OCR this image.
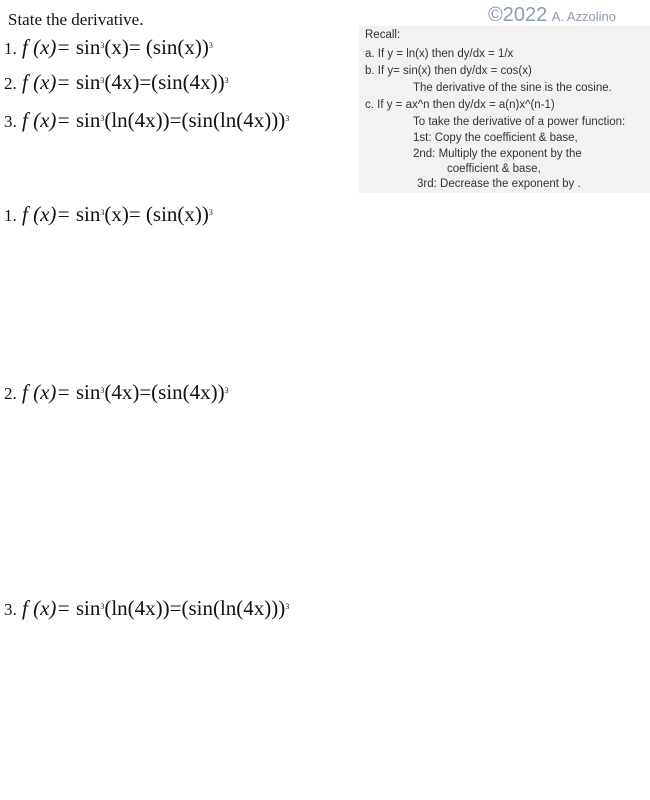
State the derivative.	©2022 A. Azzolino
1. f $(x)= \sin^3(x)= (\sin(x))^3$
2. f $(x)= \sin^3(4x)=(\sin(4x))^3$
3. f $(x)= \sin^3(\ln(4x))=(\sin(\ln(4x)))^3$
Recall:
a. If y = ln(x) then dy/dx = 1/x
b. If y= sin(x) then dy/dx = cos(x)
The derivative of the sine is the cosine.
c. If y = ax^n then dy/dx = a(n)x^(n-1)
To take the derivative of a power function:
1st: Copy the coefficient & base,
2nd: Multiply the exponent by the
coefficient & base,
3rd: Decrease the exponent by .
1. f $(x)= \sin^3(x)= (\sin(x))^3$
2. f $(x)= \sin^3(4x)=(\sin(4x))^3$
3. f $(x)= \sin^3(\ln(4x))=(\sin(\ln(4x)))^3$
